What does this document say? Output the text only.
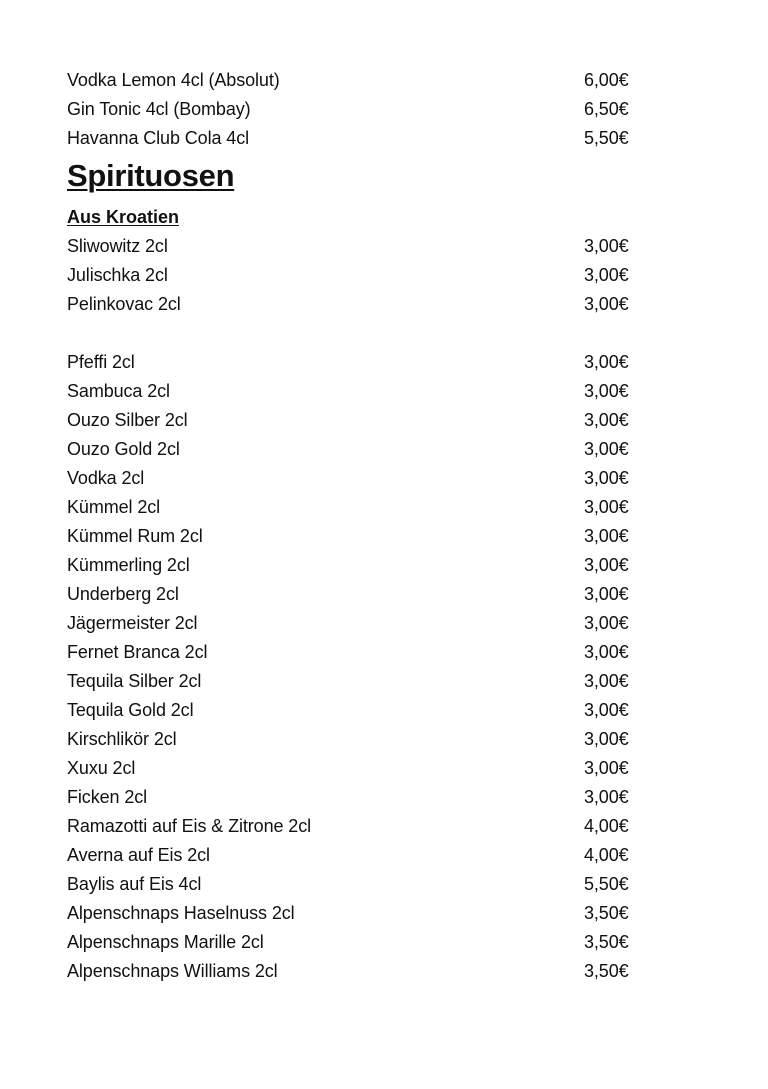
Vodka Lemon 4cl (Absolut)	6,00€
Gin Tonic 4cl (Bombay)	6,50€
Havanna Club Cola 4cl	5,50€
Spirituosen
Aus Kroatien
Sliwowitz 2cl	3,00€
Julischka 2cl	3,00€
Pelinkovac 2cl	3,00€
Pfeffi 2cl	3,00€
Sambuca 2cl	3,00€
Ouzo Silber 2cl	3,00€
Ouzo Gold 2cl	3,00€
Vodka 2cl	3,00€
Kümmel 2cl	3,00€
Kümmel Rum 2cl	3,00€
Kümmerling 2cl	3,00€
Underberg 2cl	3,00€
Jägermeister 2cl	3,00€
Fernet Branca 2cl	3,00€
Tequila Silber 2cl	3,00€
Tequila Gold 2cl	3,00€
Kirschlikör 2cl	3,00€
Xuxu 2cl	3,00€
Ficken 2cl	3,00€
Ramazotti auf Eis & Zitrone 2cl	4,00€
Averna auf Eis 2cl	4,00€
Baylis auf Eis 4cl	5,50€
Alpenschnaps Haselnuss 2cl	3,50€
Alpenschnaps Marille 2cl	3,50€
Alpenschnaps Williams 2cl	3,50€
